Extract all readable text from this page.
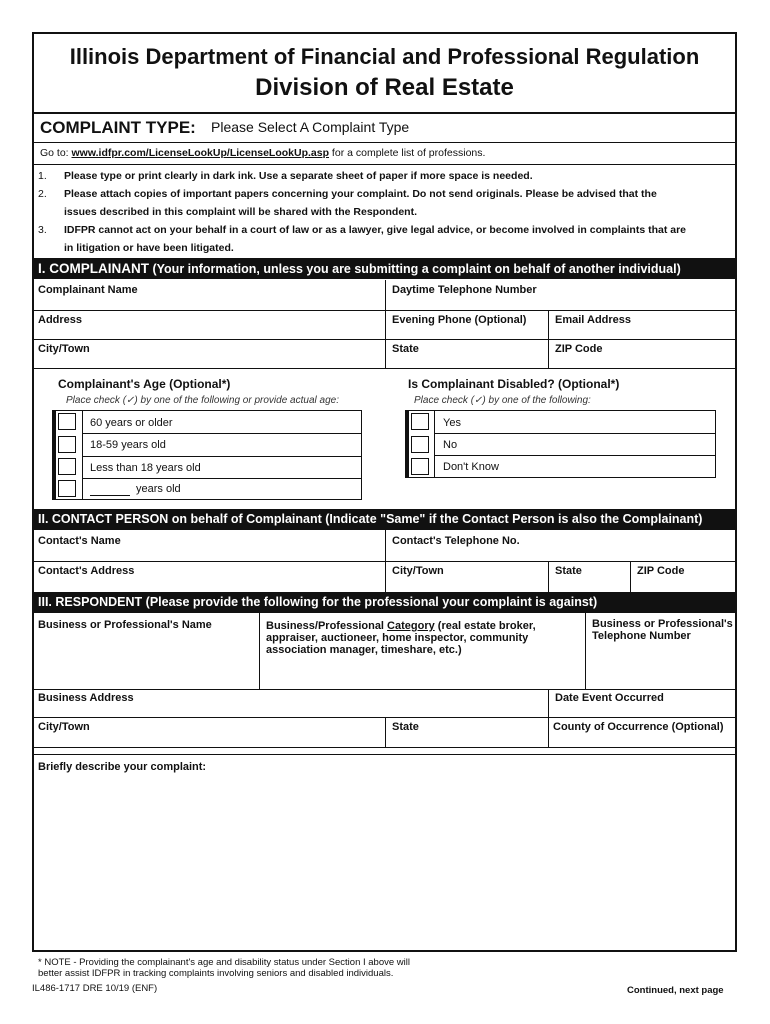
Illinois Department of Financial and Professional Regulation
Division of Real Estate
COMPLAINT TYPE: Please Select A Complaint Type
Go to: www.idfpr.com/LicenseLookUp/LicenseLookUp.asp for a complete list of professions.
1. Please type or print clearly in dark ink. Use a separate sheet of paper if more space is needed.
2. Please attach copies of important papers concerning your complaint. Do not send originals. Please be advised that the
issues described in this complaint will be shared with the Respondent.
3. IDFPR cannot act on your behalf in a court of law or as a lawyer, give legal advice, or become involved in complaints that are
in litigation or have been litigated.
I. COMPLAINANT (Your information, unless you are submitting a complaint on behalf of another individual)
Complainant Name	Daytime Telephone Number
Address	Evening Phone (Optional)	Email Address
City/Town	State	ZIP Code
Complainant's Age (Optional*)
Place check (✓) by one of the following or provide actual age:
60 years or older
18-59 years old
Less than 18 years old
years old
Is Complainant Disabled? (Optional*)
Place check (✓) by one of the following:
Yes
No
Don't Know
II. CONTACT PERSON on behalf of Complainant (Indicate "Same" if the Contact Person is also the Complainant)
Contact's Name	Contact's Telephone No.
Contact's Address	City/Town	State	ZIP Code
III. RESPONDENT (Please provide the following for the professional your complaint is against)
Business or Professional's Name	Business/Professional Category (real estate broker,
appraiser, auctioneer, home inspector, community
association manager, timeshare, etc.)
Business or Professional's
Telephone Number
Business Address	Date Event Occurred
City/Town	State	County of Occurrence (Optional)
Briefly describe your complaint:
* NOTE - Providing the complainant's age and disability status under Section I above will
better assist IDFPR in tracking complaints involving seniors and disabled individuals.
IL486-1717 DRE 10/19 (ENF)	Continued, next page
